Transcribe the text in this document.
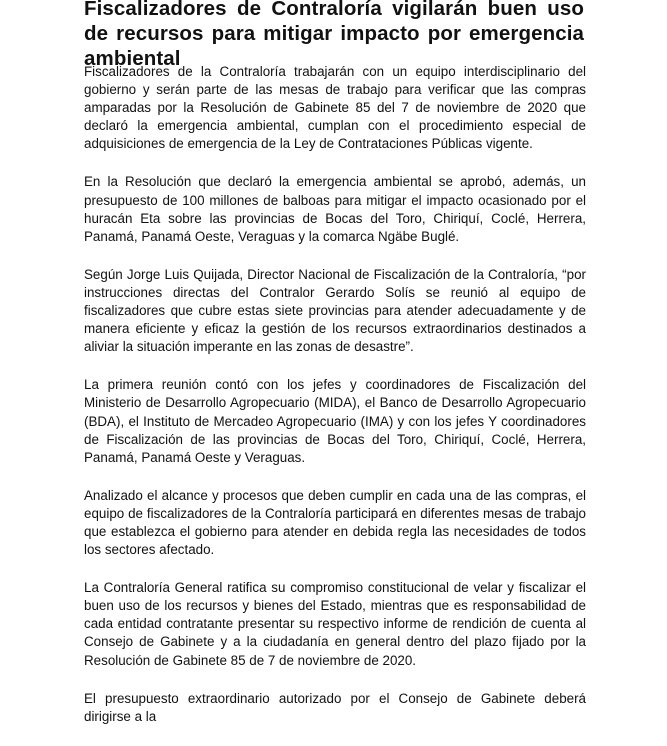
Fiscalizadores de Contraloría vigilarán buen uso de recursos para mitigar impacto por emergencia ambiental

Fiscalizadores de la Contraloría trabajarán con un equipo interdisciplinario del gobierno y serán parte de las mesas de trabajo para verificar que las compras amparadas por la Resolución de Gabinete 85 del 7 de noviembre de 2020 que declaró la emergencia ambiental, cumplan con el procedimiento especial de adquisiciones de emergencia de la Ley de Contrataciones Públicas vigente.

En la Resolución que declaró la emergencia ambiental se aprobó, además, un presupuesto de 100 millones de balboas para mitigar el impacto ocasionado por el huracán Eta sobre las provincias de Bocas del Toro, Chiriquí, Coclé, Herrera, Panamá, Panamá Oeste, Veraguas y la comarca Ngäbe Buglé.

Según Jorge Luis Quijada, Director Nacional de Fiscalización de la Contraloría, “por instrucciones directas del Contralor Gerardo Solís se reunió al equipo de fiscalizadores que cubre estas siete provincias para atender adecuadamente y de manera eficiente y eficaz la gestión de los recursos extraordinarios destinados a aliviar la situación imperante en las zonas de desastre”.

La primera reunión contó con los jefes y coordinadores de Fiscalización del Ministerio de Desarrollo Agropecuario (MIDA), el Banco de Desarrollo Agropecuario (BDA), el Instituto de Mercadeo Agropecuario (IMA) y con los jefes Y coordinadores de Fiscalización de las provincias de Bocas del Toro, Chiriquí, Coclé, Herrera, Panamá, Panamá Oeste y Veraguas.

Analizado el alcance y procesos que deben cumplir en cada una de las compras, el equipo de fiscalizadores de la Contraloría participará en diferentes mesas de trabajo que establezca el gobierno para atender en debida regla las necesidades de todos los sectores afectado.

La Contraloría General ratifica su compromiso constitucional de velar y fiscalizar el buen uso de los recursos y bienes del Estado, mientras que es responsabilidad de cada entidad contratante presentar su respectivo informe de rendición de cuenta al Consejo de Gabinete y a la ciudadanía en general dentro del plazo fijado por la Resolución de Gabinete 85 de 7 de noviembre de 2020.

El presupuesto extraordinario autorizado por el Consejo de Gabinete deberá dirigirse a la
